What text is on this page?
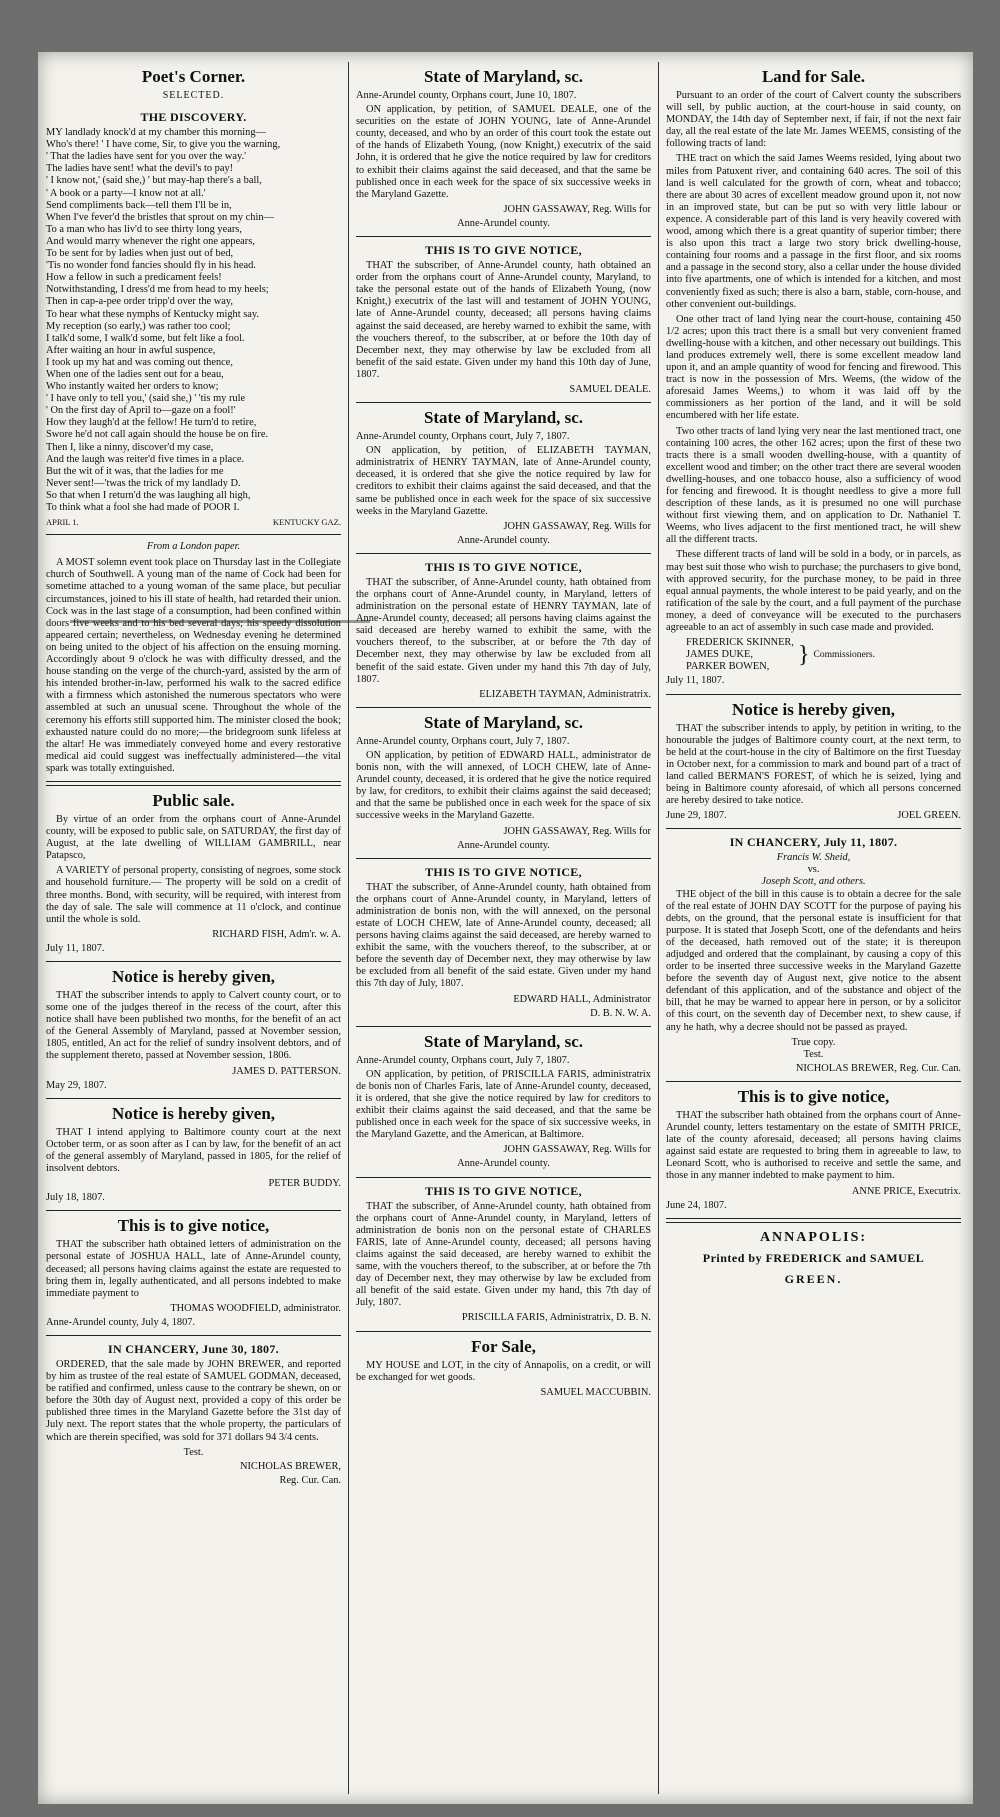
Poet's Corner.
SELECTED.
THE DISCOVERY.

MY landlady knock'd at my chamber this morning—

Who's there! ' I have come, Sir, to give you the warning,

' That the ladies have sent for you over the way.'

The ladies have sent! what the devil's to pay!

' I know not,' (said she,) ' but may-hap there's a ball,

' A book or a party—I know not at all.'

Send compliments back—tell them I'll be in,

When I've fever'd the bristles that sprout on my chin—

To a man who has liv'd to see thirty long years,

And would marry whenever the right one appears,

To be sent for by ladies when just out of bed,

'Tis no wonder fond fancies should fly in his head.

How a fellow in such a predicament feels!

Notwithstanding, I dress'd me from head to my heels;

Then in cap-a-pee order tripp'd over the way,

To hear what these nymphs of Kentucky might say.

My reception (so early,) was rather too cool;

I talk'd some, I walk'd some, but felt like a fool.

After waiting an hour in awful suspence,

I took up my hat and was coming out thence,

When one of the ladies sent out for a beau,

Who instantly waited her orders to know;

' I have only to tell you,' (said she,) ' 'tis my rule

' On the first day of April to—gaze on a fool!'

How they laugh'd at the fellow! He turn'd to retire,

Swore he'd not call again should the house be on fire.

Then I, like a ninny, discover'd my case,

And the laugh was reiter'd five times in a place.

But the wit of it was, that the ladies for me

Never sent!—'twas the trick of my landlady D.

So that when I return'd the was laughing all high,

To think what a fool she had made of POOR I.

APRIL 1.	KENTUCKY GAZ.
From a London paper.

A MOST solemn event took place on Thursday last in the Collegiate church of Southwell. A young man of the name of Cock had been for sometime attached to a young woman of the same place, but peculiar circumstances, joined to his ill state of health, had retarded their union. Cock was in the last stage of a consumption, had been confined within doors five weeks and to his bed several days; his speedy dissolution appeared certain; nevertheless, on Wednesday evening he determined on being united to the object of his affection on the ensuing morning. Accordingly about 9 o'clock he was with difficulty dressed, and the house standing on the verge of the church-yard, assisted by the arm of his intended brother-in-law, performed his walk to the sacred edifice with a firmness which astonished the numerous spectators who were assembled at such an unusual scene. Throughout the whole of the ceremony his efforts still supported him. The minister closed the book; exhausted nature could do no more;—the bridegroom sunk lifeless at the altar! He was immediately conveyed home and every restorative medical aid could suggest was ineffectually administered—the vital spark was totally extinguished.

Public sale.

By virtue of an order from the orphans court of Anne-Arundel county, will be exposed to public sale, on SATURDAY, the first day of August, at the late dwelling of WILLIAM GAMBRILL, near Patapsco,

A VARIETY of personal property, consisting of negroes, some stock and household furniture.— The property will be sold on a credit of three months. Bond, with security, will be required, with interest from the day of sale. The sale will commence at 11 o'clock, and continue until the whole is sold.

RICHARD FISH, Adm'r. w. A.
July 11, 1807.
Notice is hereby given,

THAT the subscriber intends to apply to Calvert county court, or to some one of the judges thereof in the recess of the court, after this notice shall have been published two months, for the benefit of an act of the General Assembly of Maryland, passed at November session, 1805, entitled, An act for the relief of sundry insolvent debtors, and of the supplement thereto, passed at November session, 1806.

JAMES D. PATTERSON.
May 29, 1807.
Notice is hereby given,

THAT I intend applying to Baltimore county court at the next October term, or as soon after as I can by law, for the benefit of an act of the general assembly of Maryland, passed in 1805, for the relief of insolvent debtors.

PETER BUDDY.
July 18, 1807.
This is to give notice,

THAT the subscriber hath obtained letters of administration on the personal estate of JOSHUA HALL, late of Anne-Arundel county, deceased; all persons having claims against the estate are requested to bring them in, legally authenticated, and all persons indebted to make immediate payment to

THOMAS WOODFIELD, administrator.
Anne-Arundel county, July 4, 1807.
IN CHANCERY, June 30, 1807.

ORDERED, that the sale made by JOHN BREWER, and reported by him as trustee of the real estate of SAMUEL GODMAN, deceased, be ratified and confirmed, unless cause to the contrary be shewn, on or before the 30th day of August next, provided a copy of this order be published three times in the Maryland Gazette before the 31st day of July next. The report states that the whole property, the particulars of which are therein specified, was sold for 371 dollars 94 3/4 cents.

Test.
NICHOLAS BREWER,
Reg. Cur. Can.
State of Maryland, sc.
Anne-Arundel county, Orphans court, June 10, 1807.

ON application, by petition, of SAMUEL DEALE, one of the securities on the estate of JOHN YOUNG, late of Anne-Arundel county, deceased, and who by an order of this court took the estate out of the hands of Elizabeth Young, (now Knight,) executrix of the said John, it is ordered that he give the notice required by law for creditors to exhibit their claims against the said deceased, and that the same be published once in each week for the space of six successive weeks in the Maryland Gazette.

JOHN GASSAWAY, Reg. Wills for
Anne-Arundel county.
THIS IS TO GIVE NOTICE,

THAT the subscriber, of Anne-Arundel county, hath obtained an order from the orphans court of Anne-Arundel county, Maryland, to take the personal estate out of the hands of Elizabeth Young, (now Knight,) executrix of the last will and testament of JOHN YOUNG, late of Anne-Arundel county, deceased; all persons having claims against the said deceased, are hereby warned to exhibit the same, with the vouchers thereof, to the subscriber, at or before the 10th day of December next, they may otherwise by law be excluded from all benefit of the said estate. Given under my hand this 10th day of June, 1807.

SAMUEL DEALE.
State of Maryland, sc.
Anne-Arundel county, Orphans court, July 7, 1807.

ON application, by petition, of ELIZABETH TAYMAN, administratrix of HENRY TAYMAN, late of Anne-Arundel county, deceased, it is ordered that she give the notice required by law for creditors to exhibit their claims against the said deceased, and that the same be published once in each week for the space of six successive weeks in the Maryland Gazette.

JOHN GASSAWAY, Reg. Wills for
Anne-Arundel county.
THIS IS TO GIVE NOTICE,

THAT the subscriber, of Anne-Arundel county, hath obtained from the orphans court of Anne-Arundel county, in Maryland, letters of administration on the personal estate of HENRY TAYMAN, late of Anne-Arundel county, deceased; all persons having claims against the said deceased are hereby warned to exhibit the same, with the vouchers thereof, to the subscriber, at or before the 7th day of December next, they may otherwise by law be excluded from all benefit of the said estate. Given under my hand this 7th day of July, 1807.

ELIZABETH TAYMAN, Administratrix.
State of Maryland, sc.
Anne-Arundel county, Orphans court, July 7, 1807.

ON application, by petition of EDWARD HALL, administrator de bonis non, with the will annexed, of LOCH CHEW, late of Anne-Arundel county, deceased, it is ordered that he give the notice required by law, for creditors, to exhibit their claims against the said deceased; and that the same be published once in each week for the space of six successive weeks in the Maryland Gazette.

JOHN GASSAWAY, Reg. Wills for
Anne-Arundel county.
THIS IS TO GIVE NOTICE,

THAT the subscriber, of Anne-Arundel county, hath obtained from the orphans court of Anne-Arundel county, in Maryland, letters of administration de bonis non, with the will annexed, on the personal estate of LOCH CHEW, late of Anne-Arundel county, deceased; all persons having claims against the said deceased, are hereby warned to exhibit the same, with the vouchers thereof, to the subscriber, at or before the seventh day of December next, they may otherwise by law be excluded from all benefit of the said estate. Given under my hand this 7th day of July, 1807.

EDWARD HALL, Administrator
D. B. N. W. A.
State of Maryland, sc.
Anne-Arundel county, Orphans court, July 7, 1807.

ON application, by petition, of PRISCILLA FARIS, administratrix de bonis non of Charles Faris, late of Anne-Arundel county, deceased, it is ordered, that she give the notice required by law for creditors to exhibit their claims against the said deceased, and that the same be published once in each week for the space of six successive weeks, in the Maryland Gazette, and the American, at Baltimore.

JOHN GASSAWAY, Reg. Wills for
Anne-Arundel county.
THIS IS TO GIVE NOTICE,

THAT the subscriber, of Anne-Arundel county, hath obtained from the orphans court of Anne-Arundel county, in Maryland, letters of administration de bonis non on the personal estate of CHARLES FARIS, late of Anne-Arundel county, deceased; all persons having claims against the said deceased, are hereby warned to exhibit the same, with the vouchers thereof, to the subscriber, at or before the 7th day of December next, they may otherwise by law be excluded from all benefit of the said estate. Given under my hand, this 7th day of July, 1807.

PRISCILLA FARIS, Administratrix, D. B. N.
For Sale,

MY HOUSE and LOT, in the city of Annapolis, on a credit, or will be exchanged for wet goods.

SAMUEL MACCUBBIN.
Land for Sale.

Pursuant to an order of the court of Calvert county the subscribers will sell, by public auction, at the court-house in said county, on MONDAY, the 14th day of September next, if fair, if not the next fair day, all the real estate of the late Mr. James WEEMS, consisting of the following tracts of land:

THE tract on which the said James Weems resided, lying about two miles from Patuxent river, and containing 640 acres. The soil of this land is well calculated for the growth of corn, wheat and tobacco; there are about 30 acres of excellent meadow ground upon it, not now in an improved state, but can be put so with very little labour or expence. A considerable part of this land is very heavily covered with wood, among which there is a great quantity of superior timber; there is also upon this tract a large two story brick dwelling-house, containing four rooms and a passage in the first floor, and six rooms and a passage in the second story, also a cellar under the house divided into five apartments, one of which is intended for a kitchen, and most conveniently fixed as such; there is also a barn, stable, corn-house, and other convenient out-buildings.

One other tract of land lying near the court-house, containing 450 1/2 acres; upon this tract there is a small but very convenient framed dwelling-house with a kitchen, and other necessary out buildings. This land produces extremely well, there is some excellent meadow land upon it, and an ample quantity of wood for fencing and firewood. This tract is now in the possession of Mrs. Weems, (the widow of the aforesaid James Weems,) to whom it was laid off by the commissioners as her portion of the land, and it will be sold encumbered with her life estate.

Two other tracts of land lying very near the last mentioned tract, one containing 100 acres, the other 162 acres; upon the first of these two tracts there is a small wooden dwelling-house, with a quantity of excellent wood and timber; on the other tract there are several wooden dwelling-houses, and one tobacco house, also a sufficiency of wood for fencing and firewood. It is thought needless to give a more full description of these lands, as it is presumed no one will purchase without first viewing them, and on application to Dr. Nathaniel T. Weems, who lives adjacent to the first mentioned tract, he will shew all the different tracts.

These different tracts of land will be sold in a body, or in parcels, as may best suit those who wish to purchase; the purchasers to give bond, with approved security, for the purchase money, to be paid in three equal annual payments, the whole interest to be paid yearly, and on the ratification of the sale by the court, and a full payment of the purchase money, a deed of conveyance will be executed to the purchasers agreeable to an act of assembly in such case made and provided.

FREDERICK SKINNER,
JAMES DUKE,
PARKER BOWEN,	} Commissioners.
July 11, 1807.
Notice is hereby given,

THAT the subscriber intends to apply, by petition in writing, to the honourable the judges of Baltimore county court, at the next term, to be held at the court-house in the city of Baltimore on the first Tuesday in October next, for a commission to mark and bound part of a tract of land called BERMAN'S FOREST, of which he is seized, lying and being in Baltimore county aforesaid, of which all persons concerned are hereby desired to take notice.

June 29, 1807.	JOEL GREEN.
IN CHANCERY, July 11, 1807.
Francis W. Sheid,
vs.
Joseph Scott, and others.

THE object of the bill in this cause is to obtain a decree for the sale of the real estate of JOHN DAY SCOTT for the purpose of paying his debts, on the ground, that the personal estate is insufficient for that purpose. It is stated that Joseph Scott, one of the defendants and heirs of the deceased, hath removed out of the state; it is thereupon adjudged and ordered that the complainant, by causing a copy of this order to be inserted three successive weeks in the Maryland Gazette before the seventh day of August next, give notice to the absent defendant of this application, and of the substance and object of the bill, that he may be warned to appear here in person, or by a solicitor of this court, on the seventh day of December next, to shew cause, if any he hath, why a decree should not be passed as prayed.

True copy.
Test.
NICHOLAS BREWER, Reg. Cur. Can.
This is to give notice,

THAT the subscriber hath obtained from the orphans court of Anne-Arundel county, letters testamentary on the estate of SMITH PRICE, late of the county aforesaid, deceased; all persons having claims against said estate are requested to bring them in agreeable to law, to Leonard Scott, who is authorised to receive and settle the same, and those in any manner indebted to make payment to him.

ANNE PRICE, Executrix.
June 24, 1807.
ANNAPOLIS:
Printed by FREDERICK and SAMUEL
GREEN.
